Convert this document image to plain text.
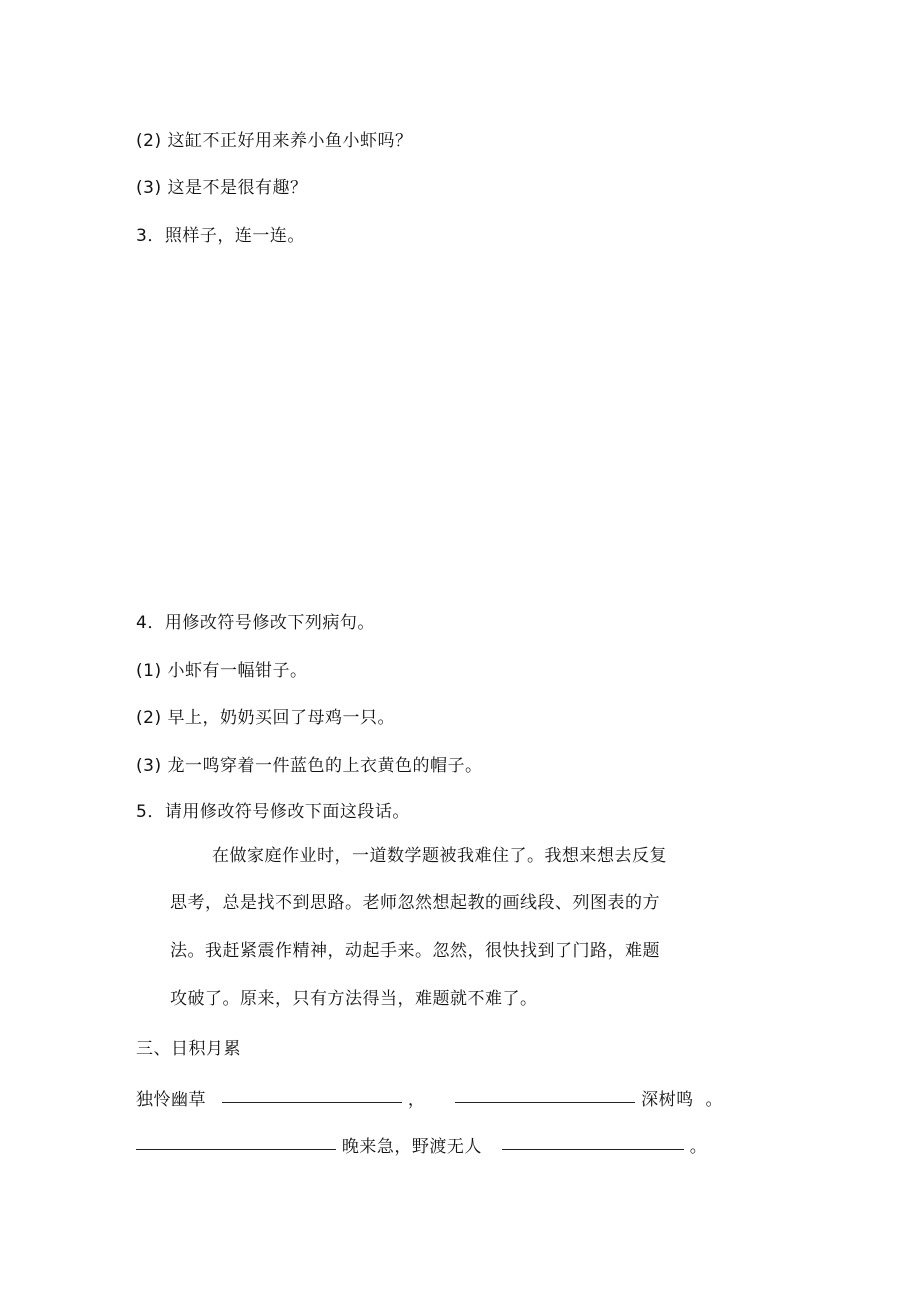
(2) 这缸不正好用来养小鱼小虾吗？
(3) 这是不是很有趣？
3．照样子，连一连。
4．用修改符号修改下列病句。
(1) 小虾有一幅钳子。
(2) 早上，奶奶买回了母鸡一只。
(3) 龙一鸣穿着一件蓝色的上衣黄色的帽子。
5．请用修改符号修改下面这段话。
在做家庭作业时，一道数学题被我难住了。我想来想去反复
思考，总是找不到思路。老师忽然想起教的画线段、列图表的方
法。我赶紧震作精神，动起手来。忽然，很快找到了门路，难题
攻破了。原来，只有方法得当，难题就不难了。
三、日积月累
独怜幽草	，	深树鸣 。
晚来急，野渡无人	。
